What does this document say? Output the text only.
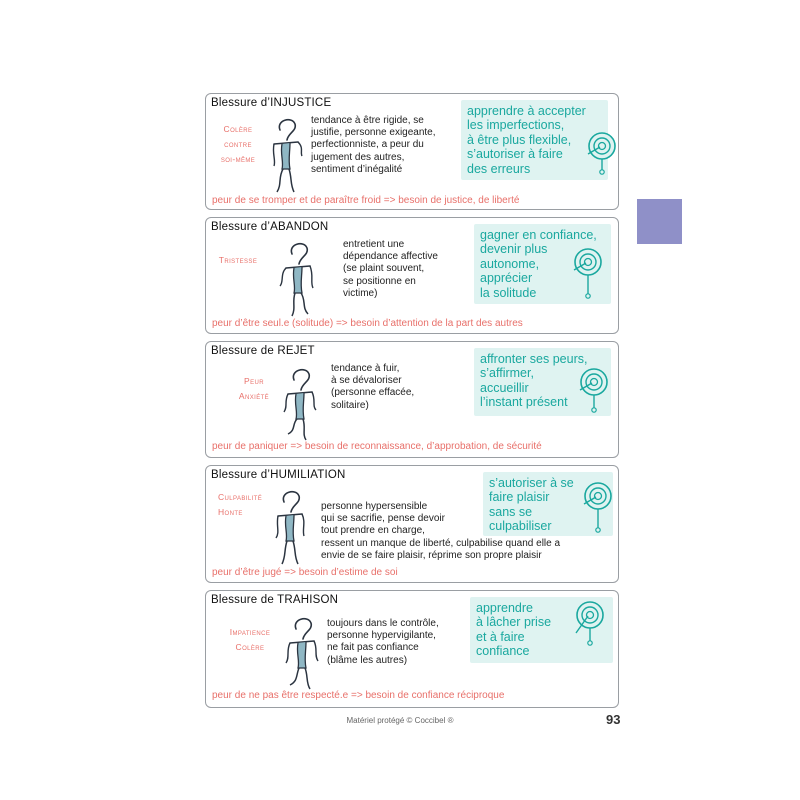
Blessure d’INJUSTICE
Colère
contre
soi-même
tendance à être rigide, se
justifie, personne exigeante,
perfectionniste, a peur du
jugement des autres,
sentiment d’inégalité
apprendre à accepter
les imperfections,
à être plus flexible,
s’autoriser à faire
des erreurs
peur de se tromper et de paraître froid => besoin de justice, de liberté
Blessure d’ABANDON
Tristesse
entretient une
dépendance affective
(se plaint souvent,
se positionne en
victime)
gagner en confiance,
devenir plus
autonome,
apprécier
la solitude
peur d’être seul.e (solitude) => besoin d’attention de la part des autres
Blessure de REJET
Peur
Anxiété
tendance à fuir,
à se dévaloriser
(personne effacée,
solitaire)
affronter ses peurs,
s’affirmer,
accueillir
l’instant présent
peur de paniquer => besoin de reconnaissance, d’approbation, de sécurité
Blessure d’HUMILIATION
Culpabilité
Honte	personne hypersensible
qui se sacrifie, pense devoir
tout prendre en charge,
ressent un manque de liberté, culpabilise quand elle a
envie de se faire plaisir, réprime son propre plaisir
s’autoriser à se
faire plaisir
sans se
culpabiliser
peur d’être jugé => besoin d’estime de soi
Blessure de TRAHISON
Impatience
Colère
toujours dans le contrôle,
personne hypervigilante,
ne fait pas confiance
(blâme les autres)
apprendre
à lâcher prise
et à faire
confiance
peur de ne pas être respecté.e => besoin de confiance réciproque
Matériel protégé © Coccibel ®	93
